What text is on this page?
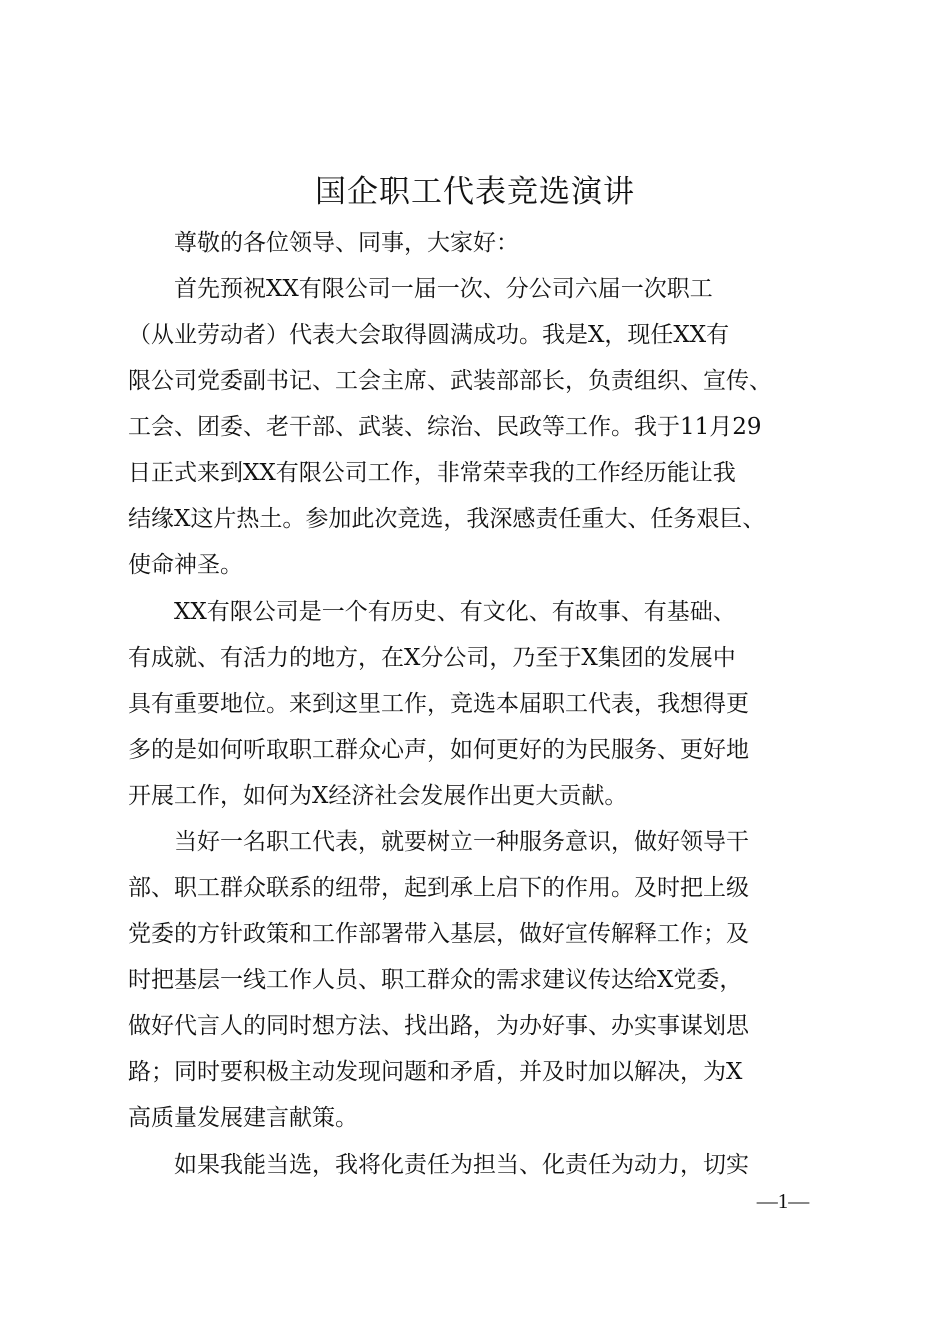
国企职工代表竞选演讲
　　尊敬的各位领导、同事，大家好：
　　首先预祝XX有限公司一届一次、分公司六届一次职工
（从业劳动者）代表大会取得圆满成功。我是X，现任XX有
限公司党委副书记、工会主席、武装部部长，负责组织、宣传、
工会、团委、老干部、武装、综治、民政等工作。我于11月29
日正式来到XX有限公司工作，非常荣幸我的工作经历能让我
结缘X这片热土。参加此次竞选，我深感责任重大、任务艰巨、
使命神圣。
　　XX有限公司是一个有历史、有文化、有故事、有基础、
有成就、有活力的地方，在X分公司，乃至于X集团的发展中
具有重要地位。来到这里工作，竞选本届职工代表，我想得更
多的是如何听取职工群众心声，如何更好的为民服务、更好地
开展工作，如何为X经济社会发展作出更大贡献。
　　当好一名职工代表，就要树立一种服务意识，做好领导干
部、职工群众联系的纽带，起到承上启下的作用。及时把上级
党委的方针政策和工作部署带入基层，做好宣传解释工作；及
时把基层一线工作人员、职工群众的需求建议传达给X党委，
做好代言人的同时想方法、找出路，为办好事、办实事谋划思
路；同时要积极主动发现问题和矛盾，并及时加以解决，为X
高质量发展建言献策。
　　如果我能当选，我将化责任为担当、化责任为动力，切实
—1—
